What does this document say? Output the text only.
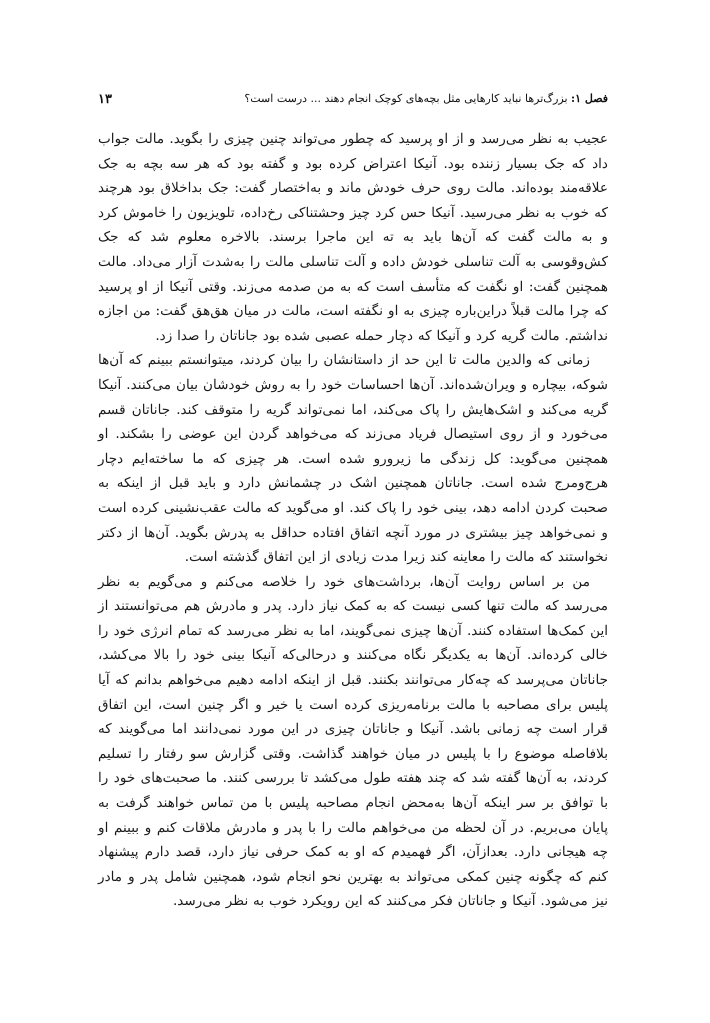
فصل ۱: بزرگ‌ترها نباید کارهایی مثل بچه‌های کوچک انجام دهند ... درست است؟
۱۳

عجیب به نظر می‌رسد و از او پرسید که چطور می‌تواند چنین چیزی را بگوید. مالت جواب داد که جک بسیار زننده بود. آنیکا اعتراض کرده بود و گفته بود که هر سه بچه به جک علاقه‌مند بوده‌اند. مالت روی حرف خودش ماند و به‌اختصار گفت: جک بداخلاق بود هرچند که خوب به نظر می‌رسید. آنیکا حس کرد چیز وحشتناکی رخ‌داده، تلویزیون را خاموش کرد و به مالت گفت که آن‌ها باید به ته این ماجرا برسند. بالاخره معلوم شد که جک کش‌وقوسی به آلت تناسلی خودش داده و آلت تناسلی مالت را به‌شدت آزار می‌داد. مالت همچنین گفت: او نگفت که متأسف است که به من صدمه می‌زند. وقتی آنیکا از او پرسید که چرا مالت قبلاً دراین‌باره چیزی به او نگفته است، مالت در میان هق‌هق گفت: من اجازه نداشتم. مالت گریه کرد و آنیکا که دچار حمله عصبی شده بود جاناتان را صدا زد.

زمانی که والدین مالت تا این حد از داستانشان را بیان کردند، میتوانستم ببینم که آن‌ها شوکه، بیچاره و ویران‌شده‌اند. آن‌ها احساسات خود را به روش خودشان بیان می‌کنند. آنیکا گریه می‌کند و اشک‌هایش را پاک می‌کند، اما نمی‌تواند گریه را متوقف کند. جاناتان قسم می‌خورد و از روی استیصال فریاد می‌زند که می‌خواهد گردن این عوضی را بشکند. او همچنین می‌گوید: کل زندگی ما زیرورو شده است. هر چیزی که ما ساخته‌ایم دچار هرج‌ومرج شده است. جاناتان همچنین اشک در چشمانش دارد و باید قبل از اینکه به صحبت کردن ادامه دهد، بینی خود را پاک کند. او می‌گوید که مالت عقب‌نشینی کرده است و نمی‌خواهد چیز بیشتری در مورد آنچه اتفاق افتاده حداقل به پدرش بگوید. آن‌ها از دکتر نخواستند که مالت را معاینه کند زیرا مدت زیادی از این اتفاق گذشته است.

من بر اساس روایت آن‌ها، برداشت‌های خود را خلاصه می‌کنم و می‌گویم به نظر می‌رسد که مالت تنها کسی نیست که به کمک نیاز دارد. پدر و مادرش هم می‌توانستند از این کمک‌ها استفاده کنند. آن‌ها چیزی نمی‌گویند، اما به نظر می‌رسد که تمام انرژی خود را خالی کرده‌اند. آن‌ها به یکدیگر نگاه می‌کنند و درحالی‌که آنیکا بینی خود را بالا می‌کشد، جاناتان می‌پرسد که چه‌کار می‌توانند بکنند. قبل از اینکه ادامه دهیم می‌خواهم بدانم که آیا پلیس برای مصاحبه با مالت برنامه‌ریزی کرده است یا خیر و اگر چنین است، این اتفاق قرار است چه زمانی باشد. آنیکا و جاناتان چیزی در این مورد نمی‌دانند اما می‌گویند که بلافاصله موضوع را با پلیس در میان خواهند گذاشت. وقتی گزارش سو رفتار را تسلیم کردند، به آن‌ها گفته شد که چند هفته طول می‌کشد تا بررسی کنند. ما صحبت‌های خود را با توافق بر سر اینکه آن‌ها به‌محض انجام مصاحبه پلیس با من تماس خواهند گرفت به پایان می‌بریم. در آن لحظه من می‌خواهم مالت را با پدر و مادرش ملاقات کنم و ببینم او چه هیجانی دارد. بعدازآن، اگر فهمیدم که او به کمک حرفی نیاز دارد، قصد دارم پیشنهاد کنم که چگونه چنین کمکی می‌تواند به بهترین نحو انجام شود، همچنین شامل پدر و مادر نیز می‌شود. آنیکا و جاناتان فکر می‌کنند که این رویکرد خوب به نظر می‌رسد.
